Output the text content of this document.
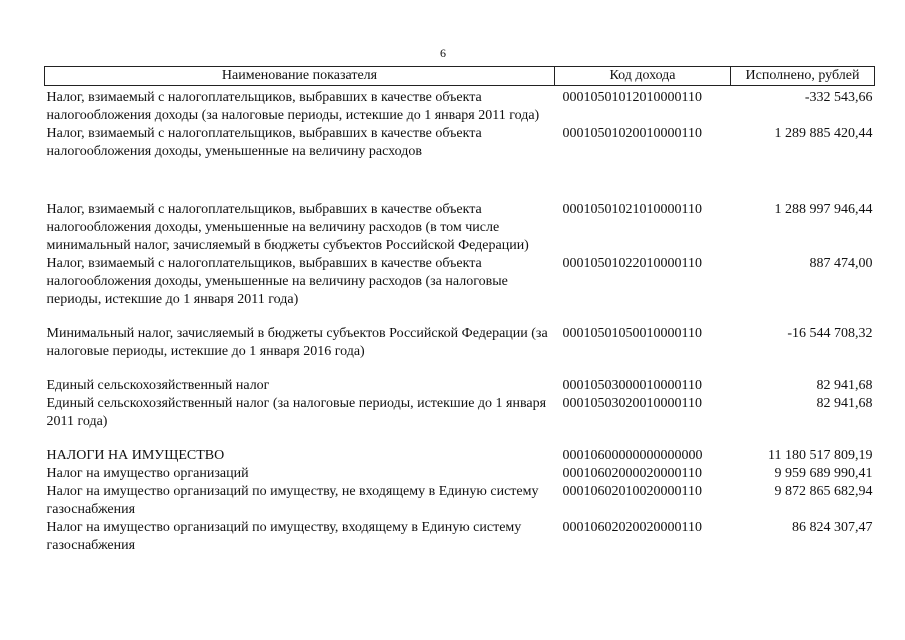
6
Наименование показателя	Код дохода	Исполнено, рублей
Налог, взимаемый с налогоплательщиков, выбравших в качестве объекта налогообложения доходы (за налоговые периоды, истекшие до 1 января 2011 года)	00010501012010000110	-332 543,66
Налог, взимаемый с налогоплательщиков, выбравших в качестве объекта налогообложения доходы, уменьшенные на величину расходов	00010501020010000110	1 289 885 420,44
Налог, взимаемый с налогоплательщиков, выбравших в качестве объекта налогообложения доходы, уменьшенные на величину расходов (в том числе минимальный налог, зачисляемый в бюджеты субъектов Российской Федерации)	00010501021010000110	1 288 997 946,44
Налог, взимаемый с налогоплательщиков, выбравших в качестве объекта налогообложения доходы, уменьшенные на величину расходов (за налоговые периоды, истекшие до 1 января 2011 года)	00010501022010000110	887 474,00
Минимальный налог, зачисляемый в бюджеты субъектов Российской Федерации (за налоговые периоды, истекшие до 1 января 2016 года)	00010501050010000110	-16 544 708,32
Единый сельскохозяйственный налог	00010503000010000110	82 941,68
Единый сельскохозяйственный налог (за налоговые периоды, истекшие до 1 января 2011 года)	00010503020010000110	82 941,68
НАЛОГИ НА ИМУЩЕСТВО	00010600000000000000	11 180 517 809,19
Налог на имущество организаций	00010602000020000110	9 959 689 990,41
Налог на имущество организаций по имуществу, не входящему в Единую систему газоснабжения	00010602010020000110	9 872 865 682,94
Налог на имущество организаций по имуществу, входящему в Единую систему газоснабжения	00010602020020000110	86 824 307,47
